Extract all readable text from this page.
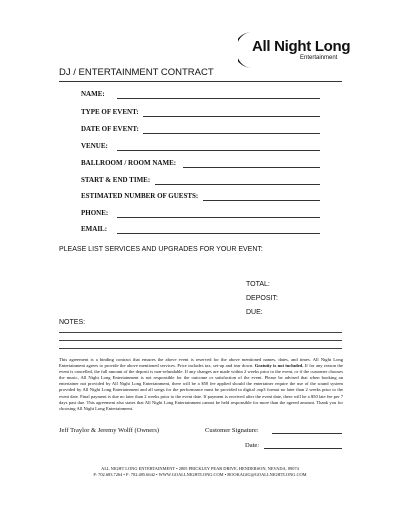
All Night Long
Entertainment
DJ / ENTERTAINMENT CONTRACT
NAME:
TYPE OF EVENT:
DATE OF EVENT:
VENUE:
BALLROOM / ROOM NAME:
START & END TIME:
ESTIMATED NUMBER OF GUESTS:
PHONE:
EMAIL:
PLEASE LIST SERVICES AND UPGRADES FOR YOUR EVENT:
TOTAL:
DEPOSIT:
DUE:
NOTES:
This agreement is a binding contract that ensures the above event is reserved for the above mentioned names, dates, and times. All Night Long Entertainment agrees to provide the above mentioned services. Price includes tax, set-up and tear down. Gratuity is not included. If for any reason the event is cancelled, the full amount of the deposit is non-refundable. If any changes are made within 2 weeks prior to the event, or if the customer chooses the music, All Night Long Entertainment is not responsible for the outcome or satisfaction of the event. Please be advised that when booking an entertainer not provided by All Night Long Entertainment, there will be a $50 fee applied should the entertainer require the use of the sound system provided by All Night Long Entertainment and all songs for the performance must be provided in digital .mp3 format no later than 2 weeks prior to the event date. Final payment is due no later than 2 weeks prior to the event date. If payment is received after the event date, there will be a $50 late fee per 7 days past due. This agreement also states that All Night Long Entertainment cannot be held responsible for more than the agreed amount. Thank you for choosing All Night Long Entertainment.
Jeff Traylor & Jeremy Wolff (Owners)	Customer Signature:
Date:
ALL NIGHT LONG ENTERTAINMENT • 2805 PRICKLEY PEAR DRIVE, HENDERSON, NEVADA, 89074
P: 702.683.7264 • F: 702.485.6642 • WWW.GOALLNIGHTLONG.COM • BOOKAGIG@GOALLNIGHTLONG.COM
